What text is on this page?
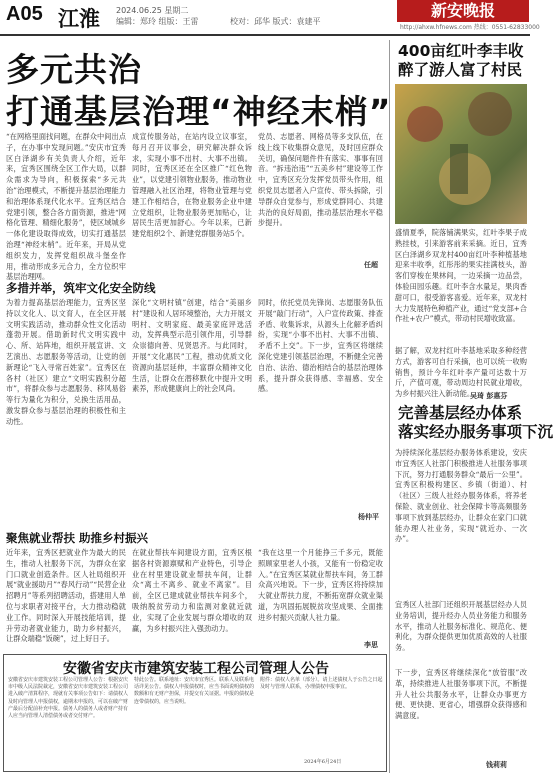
A05 江淮 2024.06.25 星期二
编辑：郑玲 组版：王雷	校对：邱华 版式：袁建平
新安晚报
http://ahxw.hfnews.com 热线：0551-62833000
多元共治
打通基层治理“神经末梢”
“在网格里面找问题，在群众中间出点子，在办事中发现问题。”安庆市宜秀区白泽湖乡有关负责人介绍，近年来，宜秀区围绕全区工作大局，以群众需求为导向，积极探索“多元共治”治理模式，不断提升基层治理能力和治理体系现代化水平。宜秀区结合党建引领，整合各方面资源，推进“网格化管理、精细化服务”，使区域城乡一体化建设取得成效，切实打通基层治理“神经末梢”。近年来，开局从党组织发力，发挥党组织战斗堡垒作用，推动形成多元合力，全方位织牢基层治理网。
成宣传服务站，在站内设立议事室，每月召开议事会，研究解决群众诉求，实现小事不出村、大事不出镇。同时，宜秀区还在全区推广“红色物业”，以党建引领物业服务，推动物业管理融入社区治理，将物业管理与党建工作相结合，在物业服务企业中建立党组织，让物业服务更加贴心，让居民生活更加舒心。今年以来，已新建党组织2个、新建党群服务站5个。
党员、志愿者、网格员等多支队伍，在线上线下收集群众意见，及时回应群众关切，确保问题件件有落实、事事有回音。“拆违治违”“五美乡村”建设等工作中，宜秀区充分发挥党员带头作用，组织党员志愿者入户宣传、带头拆除，引导群众自觉参与，形成党群同心、共建共治的良好局面，推动基层治理水平稳步提升。
任超
多措并举，筑牢文化安全防线
为着力提高基层治理能力，宜秀区坚持以文化人、以文育人，在全区开展文明实践活动，推动群众性文化活动蓬勃开展。借助新时代文明实践中心、所、站阵地，组织开展宣讲、文艺演出、志愿服务等活动，让党的创新理论“飞入寻常百姓家”。宜秀区在各村（社区）建立“文明实践积分超市”，将群众参与志愿服务、移风易俗等行为量化为积分，兑换生活用品，激发群众参与基层治理的积极性和主动性。
深化“文明村镇”创建，结合“美丽乡村”建设和人居环境整治，大力开展文明村、文明家庭、最美家庭评选活动，发挥典型示范引领作用，引导群众崇德向善、见贤思齐。与此同时，开展“文化惠民”工程，推动优质文化资源向基层延伸，丰富群众精神文化生活，让群众在潜移默化中提升文明素养，形成健康向上的社会风尚。
同时，依托党员先锋岗、志愿服务队伍开展“敲门行动”，入户宣传政策、排查矛盾、收集诉求，从源头上化解矛盾纠纷，实现“小事不出村、大事不出镇、矛盾不上交”。下一步，宜秀区将继续深化党建引领基层治理，不断健全完善自治、法治、德治相结合的基层治理体系，提升群众获得感、幸福感、安全感。
杨仲平
聚焦就业帮扶 助推乡村振兴
近年来，宜秀区把就业作为最大的民生，推动人社服务下沉，为群众在家门口就业创造条件。区人社局组织开展“就业援助月”“春风行动”“民营企业招聘月”等系列招聘活动，搭建用人单位与求职者对接平台，大力推动稳就业工作。同时深入开展技能培训，提升劳动者就业能力，助力乡村振兴，让群众端稳“饭碗”，过上好日子。
在就业帮扶车间建设方面，宜秀区根据各村资源禀赋和产业特色，引导企业在村里建设就业帮扶车间，让群众“离土不离乡、就业不离家”。目前，全区已建成就业帮扶车间多个，吸纳脱贫劳动力和监测对象就近就业，实现了企业发展与群众增收的双赢，为乡村振兴注入强劲动力。
“我在这里一个月能挣三千多元，既能照顾家里老人小孩，又能有一份稳定收入。”在宜秀区某就业帮扶车间，务工群众高兴地说。下一步，宜秀区将持续加大就业帮扶力度，不断拓宽群众就业渠道，为巩固拓展脱贫攻坚成果、全面推进乡村振兴贡献人社力量。
李思
安徽省安庆市建筑安装工程公司管理人公告
安徽省安庆市建筑安装工程公司管理人公告：根据安庆市中级人民法院裁定，安徽省安庆市建筑安装工程公司进入破产清算程序，现就有关事项公告如下：请债权人及时向管理人申报债权，逾期未申报的，可以在破产财产最后分配前补充申报。债务人的债务人或者财产持有人应当向管理人清偿债务或者交付财产。
特此公告。联系地址：安庆市宜秀区。联系人及联系电话详见公告。债权人申报债权时，应当书面说明债权的数额和有无财产担保，并提交有关证据。申报的债权是连带债权的，应当说明。
附件：债权人名单（部分）。请上述债权人于公告之日起及时与管理人联系，办理债权申报事宜。
2024年6月24日
400亩红叶李丰收
醉了游人富了村民
盛情夏季，院落铺满果实，红叶李果子成熟挂枝，引来游客前来采摘。近日，宜秀区白泽湖乡双龙村400亩红叶李种植基地迎来丰收季，红彤彤的果实挂满枝头，游客们穿梭在果林间，一边采摘一边品尝，体验田园乐趣。红叶李含水量足，果肉香甜可口，很受游客喜爱。近年来，双龙村大力发展特色种植产业，通过“党支部+合作社+农户”模式，带动村民增收致富。
据了解，双龙村红叶李基地采取多种经营方式，游客可自行采摘，也可以统一收购销售，预计今年红叶李产量可达数十万斤，产值可观，带动周边村民就业增收，为乡村振兴注入新动能。
吴琦 彭惠芬
完善基层经办体系
落实经办服务事项下沉
为持续深化基层经办服务体系建设，安庆市宜秀区人社部门积极推进人社服务事项下沉，努力打通服务群众“最后一公里”。宜秀区积极构建区、乡镇（街道）、村（社区）三级人社经办服务体系，将养老保险、就业创业、社会保障卡等高频服务事项下放到基层经办，让群众在家门口就能办理人社业务，实现“就近办、一次办”。
宜秀区人社部门还组织开展基层经办人员业务培训，提升经办人员业务能力和服务水平，推动人社服务标准化、规范化、便利化，为群众提供更加优质高效的人社服务。
下一步，宜秀区将继续深化“放管服”改革，持续推进人社服务事项下沉，不断提升人社公共服务水平，让群众办事更方便、更快捷、更省心，增强群众获得感和满意度。
钱莉莉
